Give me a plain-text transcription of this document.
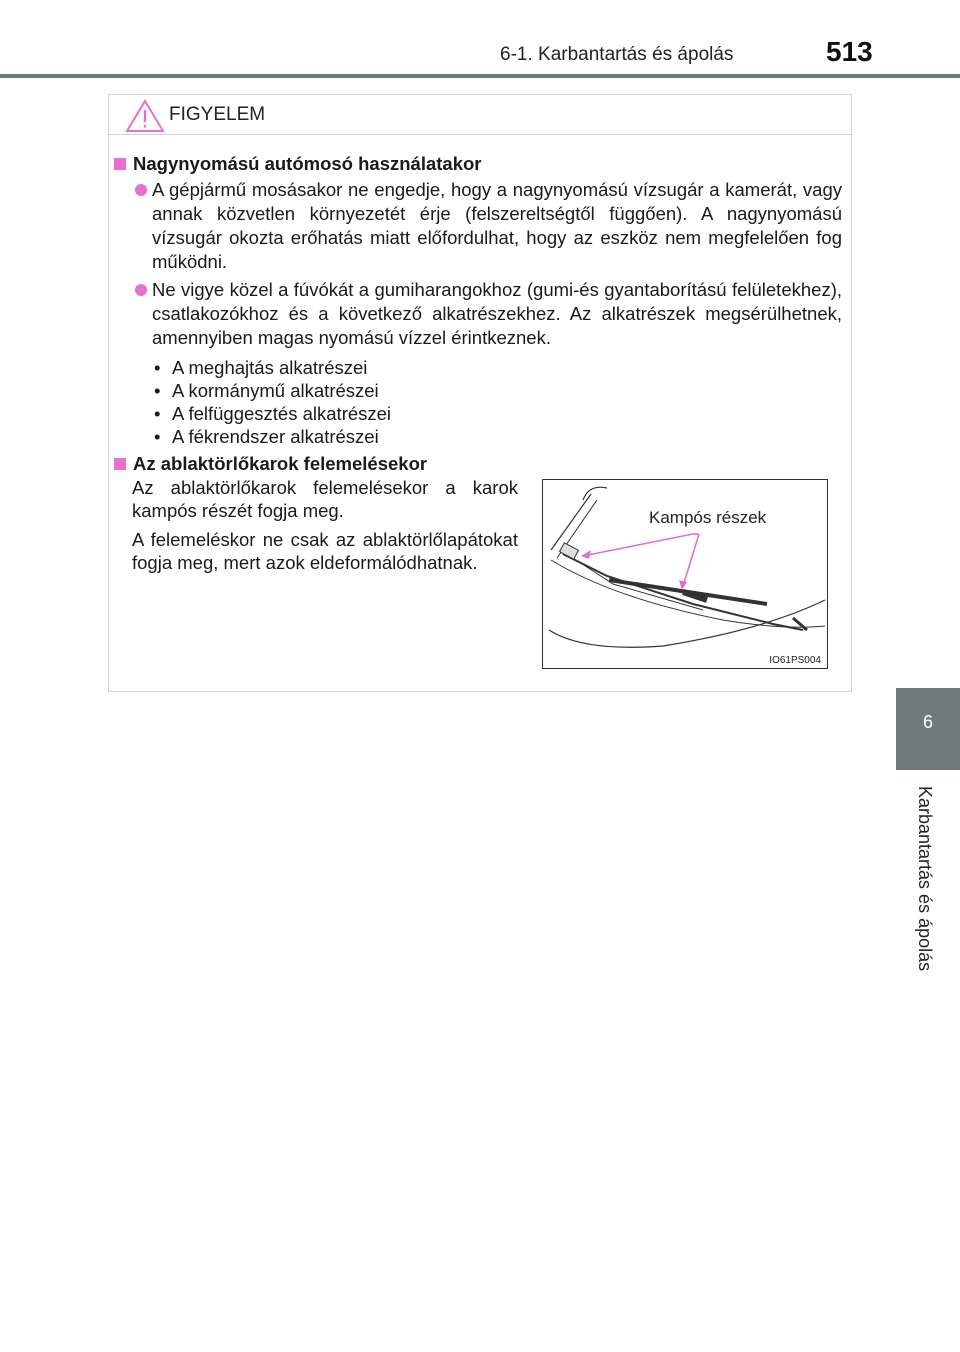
6-1. Karbantartás és ápolás	513
6
Karbantartás és ápolás
FIGYELEM
Nagynyomású autómosó használatakor
A gépjármű mosásakor ne engedje, hogy a nagynyomású vízsugár a kamerát, vagy annak közvetlen környezetét érje (felszereltségtől függően). A nagynyomású vízsugár okozta erőhatás miatt előfordulhat, hogy az eszköz nem megfelelően fog működni.
Ne vigye közel a fúvókát a gumiharangokhoz (gumi-és gyantaborítású felületekhez), csatlakozókhoz és a következő alkatrészekhez. Az alkatrészek megsérülhetnek, amennyiben magas nyomású vízzel érintkeznek.
• A meghajtás alkatrészei
• A kormánymű alkatrészei
• A felfüggesztés alkatrészei
• A fékrendszer alkatrészei
Az ablaktörlőkarok felemelésekor

Az ablaktörlőkarok felemelésekor a karok kampós részét fogja meg.

A felemeléskor ne csak az ablaktörlőlapátokat fogja meg, mert azok eldeformálódhatnak.

Kampós részek
IO61PS004
